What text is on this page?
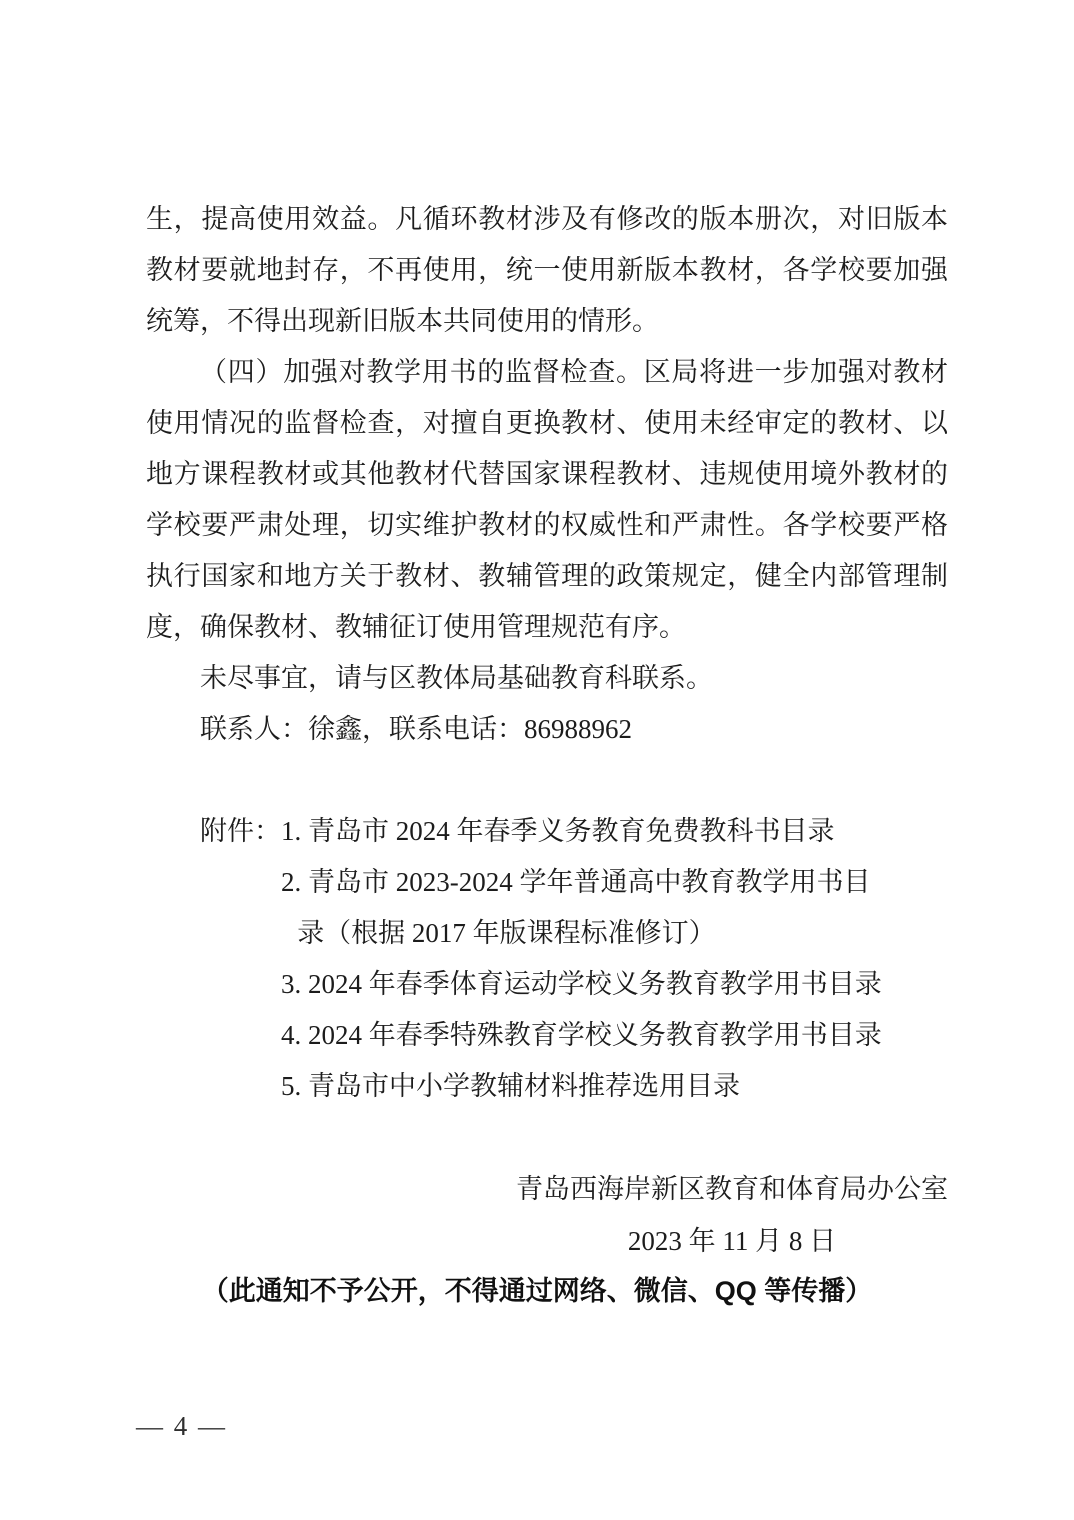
生，提高使用效益。凡循环教材涉及有修改的版本册次，对旧版本教材要就地封存，不再使用，统一使用新版本教材，各学校要加强统筹，不得出现新旧版本共同使用的情形。

（四）加强对教学用书的监督检查。区局将进一步加强对教材使用情况的监督检查，对擅自更换教材、使用未经审定的教材、以地方课程教材或其他教材代替国家课程教材、违规使用境外教材的学校要严肃处理，切实维护教材的权威性和严肃性。各学校要严格执行国家和地方关于教材、教辅管理的政策规定，健全内部管理制度，确保教材、教辅征订使用管理规范有序。

未尽事宜，请与区教体局基础教育科联系。

联系人：徐鑫，联系电话：86988962

附件： 1. 青岛市 2024 年春季义务教育免费教科书目录
2. 青岛市 2023-2024 学年普通高中教育教学用书目
录（根据 2017 年版课程标准修订）
3. 2024 年春季体育运动学校义务教育教学用书目录
4. 2024 年春季特殊教育学校义务教育教学用书目录
5. 青岛市中小学教辅材料推荐选用目录
青岛西海岸新区教育和体育局办公室
2023 年 11 月 8 日
（此通知不予公开，不得通过网络、微信、QQ 等传播）
— 4 —
